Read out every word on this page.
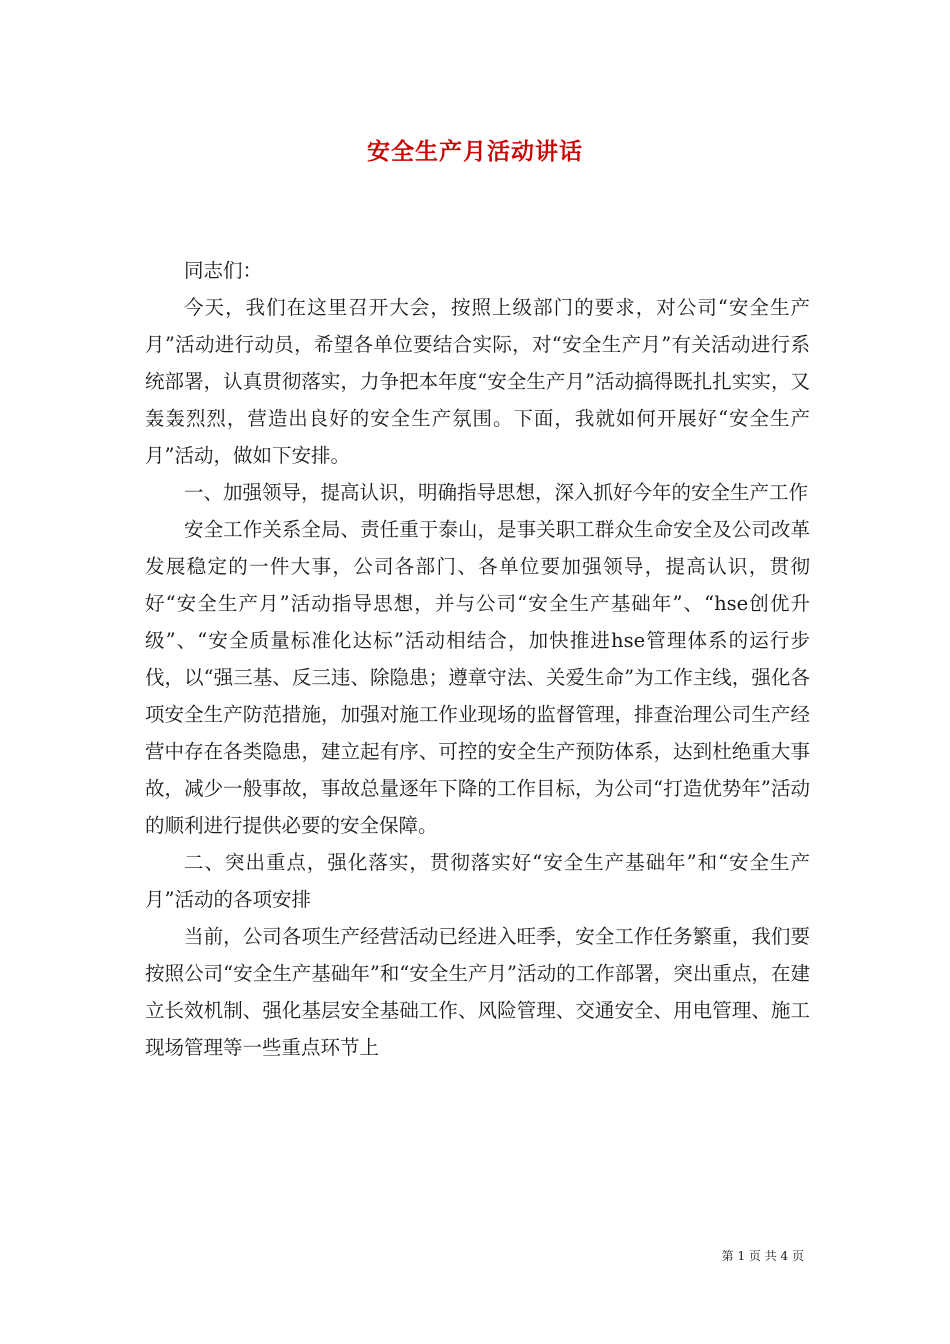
安全生产月活动讲话

同志们：

今天，我们在这里召开大会，按照上级部门的要求，对公司“安全生产月”活动进行动员，希望各单位要结合实际，对“安全生产月”有关活动进行系统部署，认真贯彻落实，力争把本年度“安全生产月”活动搞得既扎扎实实，又轰轰烈烈，营造出良好的安全生产氛围。下面，我就如何开展好“安全生产月”活动，做如下安排。

一、加强领导，提高认识，明确指导思想，深入抓好今年的安全生产工作

安全工作关系全局、责任重于泰山，是事关职工群众生命安全及公司改革发展稳定的一件大事，公司各部门、各单位要加强领导，提高认识，贯彻好“安全生产月”活动指导思想，并与公司“安全生产基础年”、“hse创优升级”、“安全质量标准化达标”活动相结合，加快推进hse管理体系的运行步伐，以“强三基、反三违、除隐患；遵章守法、关爱生命”为工作主线，强化各项安全生产防范措施，加强对施工作业现场的监督管理，排查治理公司生产经营中存在各类隐患，建立起有序、可控的安全生产预防体系，达到杜绝重大事故，减少一般事故，事故总量逐年下降的工作目标，为公司“打造优势年”活动的顺利进行提供必要的安全保障。

二、突出重点，强化落实，贯彻落实好“安全生产基础年”和“安全生产月”活动的各项安排

当前，公司各项生产经营活动已经进入旺季，安全工作任务繁重，我们要按照公司“安全生产基础年”和“安全生产月”活动的工作部署，突出重点，在建立长效机制、强化基层安全基础工作、风险管理、交通安全、用电管理、施工现场管理等一些重点环节上

第 1 页 共 4 页
